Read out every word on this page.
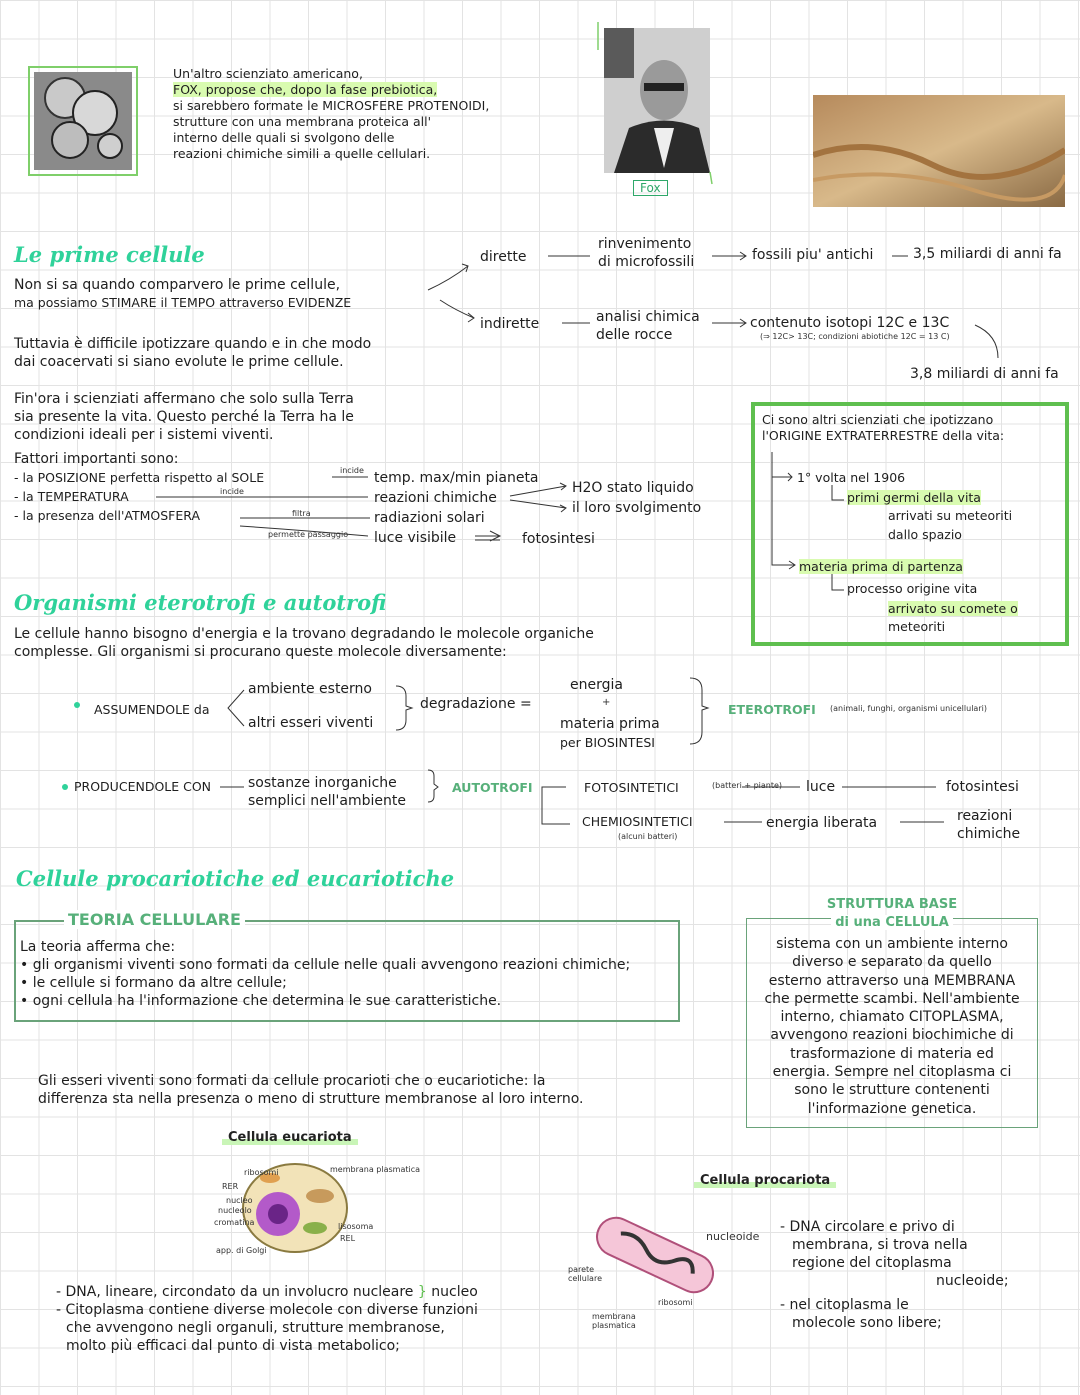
Un'altro scienziato americano,
FOX, propose che, dopo la fase prebiotica,
si sarebbero formate le MICROSFERE PROTENOIDI,
strutture con una membrana proteica all'
interno delle quali si svolgono delle
reazioni chimiche simili a quelle cellulari.
Fox
Le prime cellule
Non si sa quando comparvero le prime cellule,
ma possiamo STIMARE il TEMPO attraverso EVIDENZE
dirette
rinvenimento
di microfossili	fossili piu' antichi	3,5 miliardi di anni fa
indirette	analisi chimica
delle rocce
contenuto isotopi 12C e 13C
(⇒ 12C> 13C; condizioni abiotiche 12C = 13 C)
3,8 miliardi di anni fa
Tuttavia è difficile ipotizzare quando e in che modo
dai coacervati si siano evolute le prime cellule.
Fin'ora i scienziati affermano che solo sulla Terra
sia presente la vita. Questo perché la Terra ha le
condizioni ideali per i sistemi viventi.
Fattori importanti sono:
- la POSIZIONE perfetta rispetto al SOLE
- la TEMPERATURA
- la presenza dell'ATMOSFERA
incide
incide
filtra
permette passaggio
temp. max/min pianeta
reazioni chimiche
radiazioni solari
luce visibile
H2O stato liquido
il loro svolgimento
fotosintesi
Ci sono altri scienziati che ipotizzano
l'ORIGINE EXTRATERRESTRE della vita:
1° volta nel 1906
primi germi della vita
arrivati su meteoriti
dallo spazio
materia prima di partenza
processo origine vita
arrivato su comete o
meteoriti
Organismi eterotrofi e autotrofi
Le cellule hanno bisogno d'energia e la trovano degradando le molecole organiche
complesse. Gli organismi si procurano queste molecole diversamente:
ASSUMENDOLE da
ambiente esterno
altri esseri viventi
degradazione =
energia
+
materia prima
per BIOSINTESI
ETEROTROFI (animali, funghi, organismi unicellulari)
PRODUCENDOLE CON	sostanze inorganiche
semplici nell'ambiente
AUTOTROFI	FOTOSINTETICI	(batteri + piante) luce	fotosintesi
CHEMIOSINTETICI
(alcuni batteri)
energia liberata	reazioni
chimiche
Cellule procariotiche ed eucariotiche
TEORIA CELLULARE
La teoria afferma che:
• gli organismi viventi sono formati da cellule nelle quali avvengono reazioni chimiche;
• le cellule si formano da altre cellule;
• ogni cellula ha l'informazione che determina le sue caratteristiche.
STRUTTURA BASE
di una CELLULA
sistema con un ambiente interno
diverso e separato da quello
esterno attraverso una MEMBRANA
che permette scambi. Nell'ambiente
interno, chiamato CITOPLASMA,
avvengono reazioni biochimiche di
trasformazione di materia ed
energia. Sempre nel citoplasma ci
sono le strutture contenenti
l'informazione genetica.
Gli esseri viventi sono formati da cellule procarioti che o eucariotiche: la
differenza sta nella presenza o meno di strutture membranose al loro interno.
Cellula eucariota
ribosomi
RER
nucleo
nucleolo
cromatina
app. di Golgi
membrana plasmatica
lisosoma
REL
- DNA, lineare, circondato da un involucro nucleare } nucleo
- Citoplasma contiene diverse molecole con diverse funzioni
che avvengono negli organuli, strutture membranose,
molto più efficaci dal punto di vista metabolico;
Cellula procariota
nucleoide
parete cellulare
ribosomi
membrana plasmatica
- DNA circolare e privo di
membrana, si trova nella
regione del citoplasma
nucleoide;
- nel citoplasma le
molecole sono libere;
